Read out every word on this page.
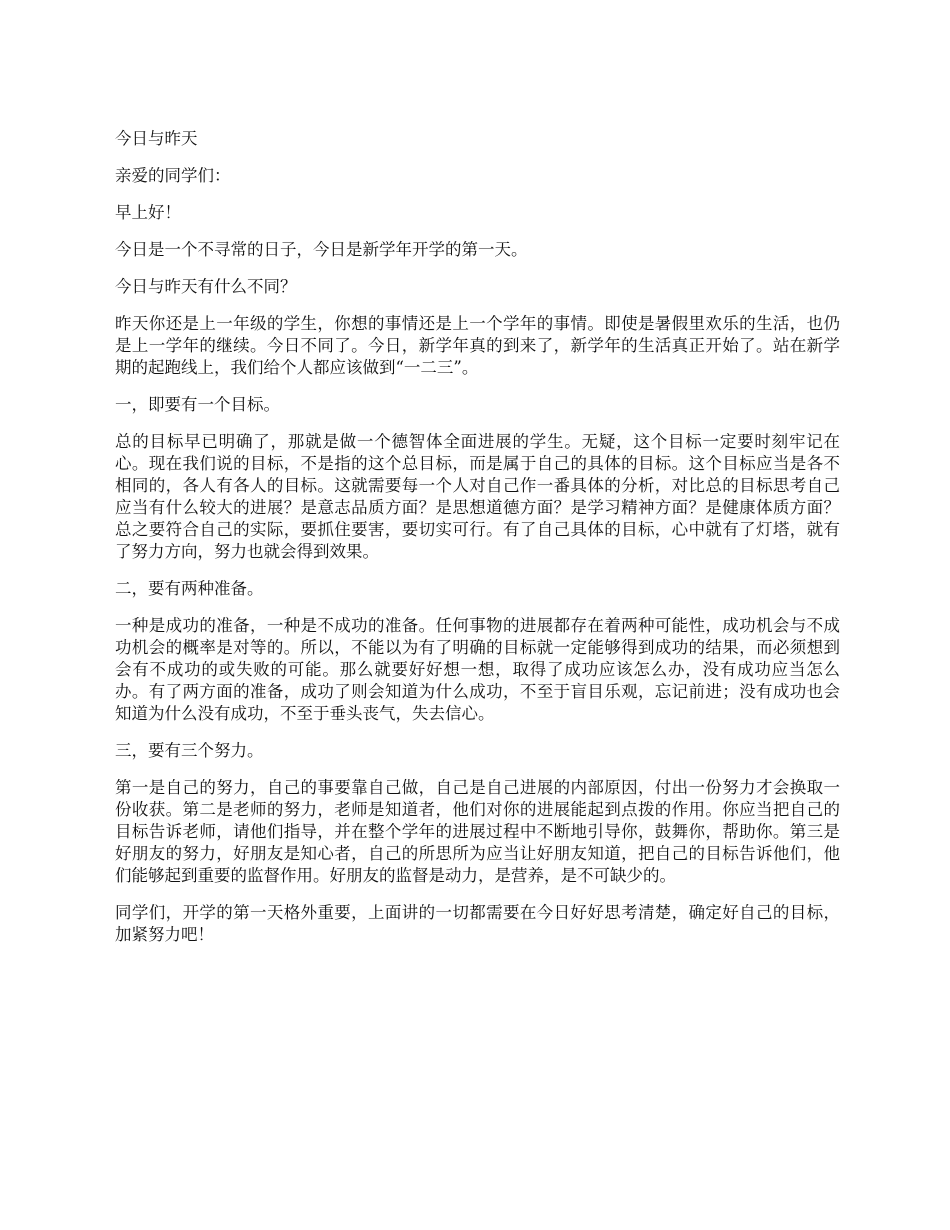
今日与昨天

亲爱的同学们：

早上好！

今日是一个不寻常的日子，今日是新学年开学的第一天。

今日与昨天有什么不同？

昨天你还是上一年级的学生，你想的事情还是上一个学年的事情。即使是暑假里欢乐的生活，也仍是上一学年的继续。今日不同了。今日，新学年真的到来了，新学年的生活真正开始了。站在新学期的起跑线上，我们给个人都应该做到“一二三”。

一，即要有一个目标。

总的目标早已明确了，那就是做一个德智体全面进展的学生。无疑，这个目标一定要时刻牢记在心。现在我们说的目标，不是指的这个总目标，而是属于自己的具体的目标。这个目标应当是各不相同的，各人有各人的目标。这就需要每一个人对自己作一番具体的分析，对比总的目标思考自己应当有什么较大的进展？是意志品质方面？是思想道德方面？是学习精神方面？是健康体质方面？总之要符合自己的实际，要抓住要害，要切实可行。有了自己具体的目标，心中就有了灯塔，就有了努力方向，努力也就会得到效果。

二，要有两种准备。

一种是成功的准备，一种是不成功的准备。任何事物的进展都存在着两种可能性，成功机会与不成功机会的概率是对等的。所以，不能以为有了明确的目标就一定能够得到成功的结果，而必须想到会有不成功的或失败的可能。那么就要好好想一想，取得了成功应该怎么办，没有成功应当怎么办。有了两方面的准备，成功了则会知道为什么成功，不至于盲目乐观，忘记前进；没有成功也会知道为什么没有成功，不至于垂头丧气，失去信心。

三，要有三个努力。

第一是自己的努力，自己的事要靠自己做，自己是自己进展的内部原因，付出一份努力才会换取一份收获。第二是老师的努力，老师是知道者，他们对你的进展能起到点拨的作用。你应当把自己的目标告诉老师，请他们指导，并在整个学年的进展过程中不断地引导你，鼓舞你，帮助你。第三是好朋友的努力，好朋友是知心者，自己的所思所为应当让好朋友知道，把自己的目标告诉他们，他们能够起到重要的监督作用。好朋友的监督是动力，是营养，是不可缺少的。

同学们，开学的第一天格外重要，上面讲的一切都需要在今日好好思考清楚，确定好自己的目标，加紧努力吧！
